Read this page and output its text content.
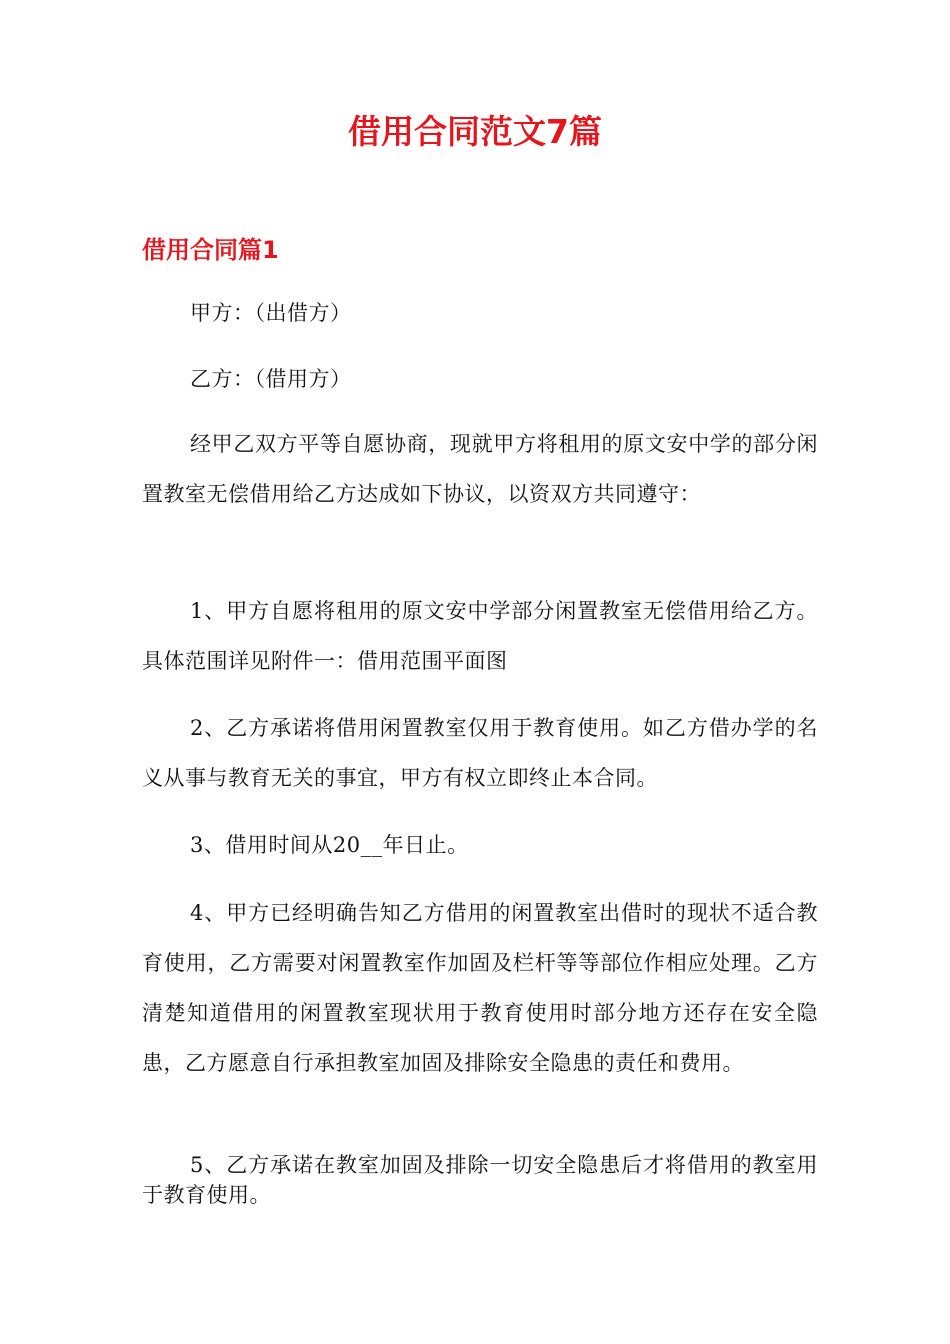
借用合同范文7篇
借用合同篇1

甲方：（出借方）

乙方：（借用方）

经甲乙双方平等自愿协商，现就甲方将租用的原文安中学的部分闲置教室无偿借用给乙方达成如下协议，以资双方共同遵守：

1、甲方自愿将租用的原文安中学部分闲置教室无偿借用给乙方。具体范围详见附件一：借用范围平面图

2、乙方承诺将借用闲置教室仅用于教育使用。如乙方借办学的名义从事与教育无关的事宜，甲方有权立即终止本合同。

3、借用时间从20__年日止。

4、甲方已经明确告知乙方借用的闲置教室出借时的现状不适合教育使用，乙方需要对闲置教室作加固及栏杆等等部位作相应处理。乙方清楚知道借用的闲置教室现状用于教育使用时部分地方还存在安全隐患，乙方愿意自行承担教室加固及排除安全隐患的责任和费用。

5、乙方承诺在教室加固及排除一切安全隐患后才将借用的教室用于教育使用。
